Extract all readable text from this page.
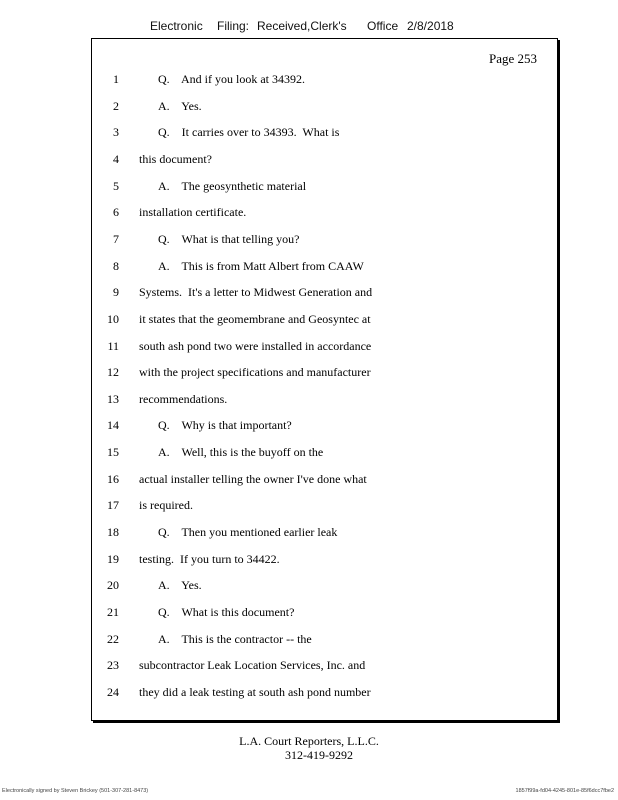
Electronic Filing: Received,Clerk's Office 2/8/2018
Page 253
1	Q.    And if you look at 34392.
2	A.    Yes.
3	Q.    It carries over to 34393.  What is
4 this document?
5	A.    The geosynthetic material
6 installation certificate.
7	Q.    What is that telling you?
8	A.    This is from Matt Albert from CAAW
9 Systems.  It's a letter to Midwest Generation and
10 it states that the geomembrane and Geosyntec at
11 south ash pond two were installed in accordance
12 with the project specifications and manufacturer
13 recommendations.
14	Q.    Why is that important?
15	A.    Well, this is the buyoff on the
16 actual installer telling the owner I've done what
17 is required.
18	Q.    Then you mentioned earlier leak
19 testing.  If you turn to 34422.
20	A.    Yes.
21	Q.    What is this document?
22	A.    This is the contractor -- the
23 subcontractor Leak Location Services, Inc. and
24 they did a leak testing at south ash pond number
L.A. Court Reporters, L.L.C.
312-419-9292
Electronically signed by Steven Brickey (501-307-281-8473)	1857f99a-fd04-4245-801e-85f6dcc7fbe2
